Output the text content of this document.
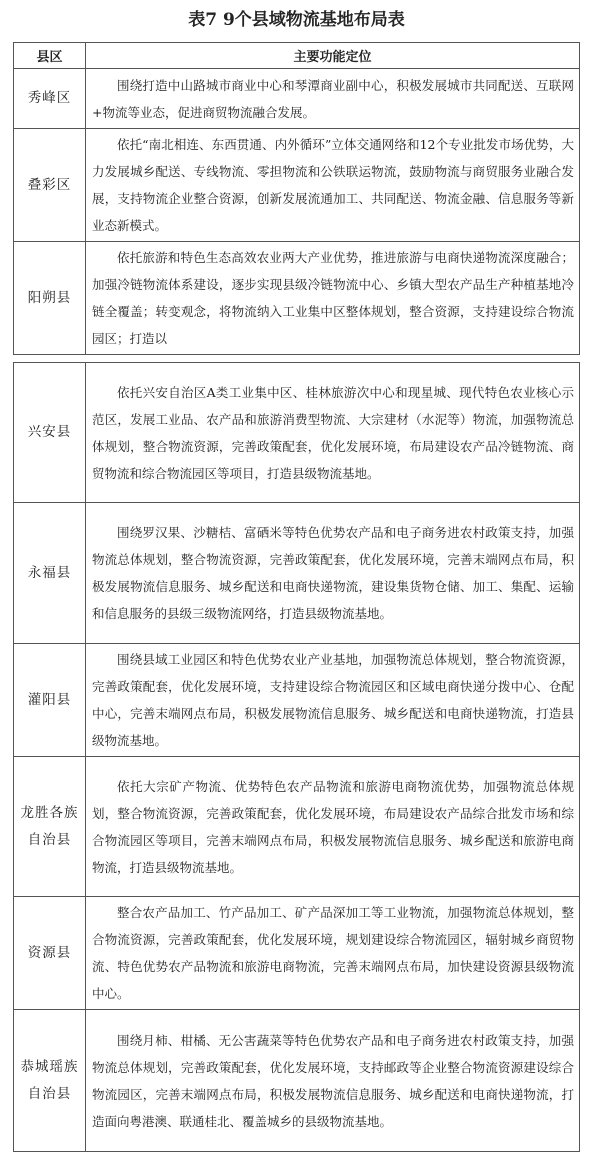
表7 9个县域物流基地布局表
县区	主要功能定位
秀峰区	围绕打造中山路城市商业中心和琴潭商业副中心，积极发展城市共同配送、互联网+物流等业态，促进商贸物流融合发展。
叠彩区	依托“南北相连、东西贯通、内外循环”立体交通网络和12个专业批发市场优势，大力发展城乡配送、专线物流、零担物流和公铁联运物流，鼓励物流与商贸服务业融合发展，支持物流企业整合资源，创新发展流通加工、共同配送、物流金融、信息服务等新业态新模式。
阳朔县	依托旅游和特色生态高效农业两大产业优势，推进旅游与电商快递物流深度融合；加强冷链物流体系建设，逐步实现县级冷链物流中心、乡镇大型农产品生产种植基地冷链全覆盖；转变观念，将物流纳入工业集中区整体规划，整合资源，支持建设综合物流园区；打造以
兴安县	依托兴安自治区A类工业集中区、桂林旅游次中心和现星城、现代特色农业核心示范区，发展工业品、农产品和旅游消费型物流、大宗建材（水泥等）物流，加强物流总体规划，整合物流资源，完善政策配套，优化发展环境，布局建设农产品冷链物流、商贸物流和综合物流园区等项目，打造县级物流基地。
永福县	围绕罗汉果、沙糖桔、富硒米等特色优势农产品和电子商务进农村政策支持，加强物流总体规划，整合物流资源，完善政策配套，优化发展环境，完善末端网点布局，积极发展物流信息服务、城乡配送和电商快递物流，建设集货物仓储、加工、集配、运输和信息服务的县级三级物流网络，打造县级物流基地。
灌阳县	围绕县域工业园区和特色优势农业产业基地，加强物流总体规划，整合物流资源，完善政策配套，优化发展环境，支持建设综合物流园区和区域电商快递分拨中心、仓配中心，完善末端网点布局，积极发展物流信息服务、城乡配送和电商快递物流，打造县级物流基地。
龙胜各族自治县	依托大宗矿产物流、优势特色农产品物流和旅游电商物流优势，加强物流总体规划，整合物流资源，完善政策配套，优化发展环境，布局建设农产品综合批发市场和综合物流园区等项目，完善末端网点布局，积极发展物流信息服务、城乡配送和旅游电商物流，打造县级物流基地。
资源县	整合农产品加工、竹产品加工、矿产品深加工等工业物流，加强物流总体规划，整合物流资源，完善政策配套，优化发展环境，规划建设综合物流园区，辐射城乡商贸物流、特色优势农产品物流和旅游电商物流，完善末端网点布局，加快建设资源县级物流中心。
恭城瑶族自治县	围绕月柿、柑橘、无公害蔬菜等特色优势农产品和电子商务进农村政策支持，加强物流总体规划，完善政策配套，优化发展环境，支持邮政等企业整合物流资源建设综合物流园区，完善末端网点布局，积极发展物流信息服务、城乡配送和电商快递物流，打造面向粤港澳、联通桂北、覆盖城乡的县级物流基地。
